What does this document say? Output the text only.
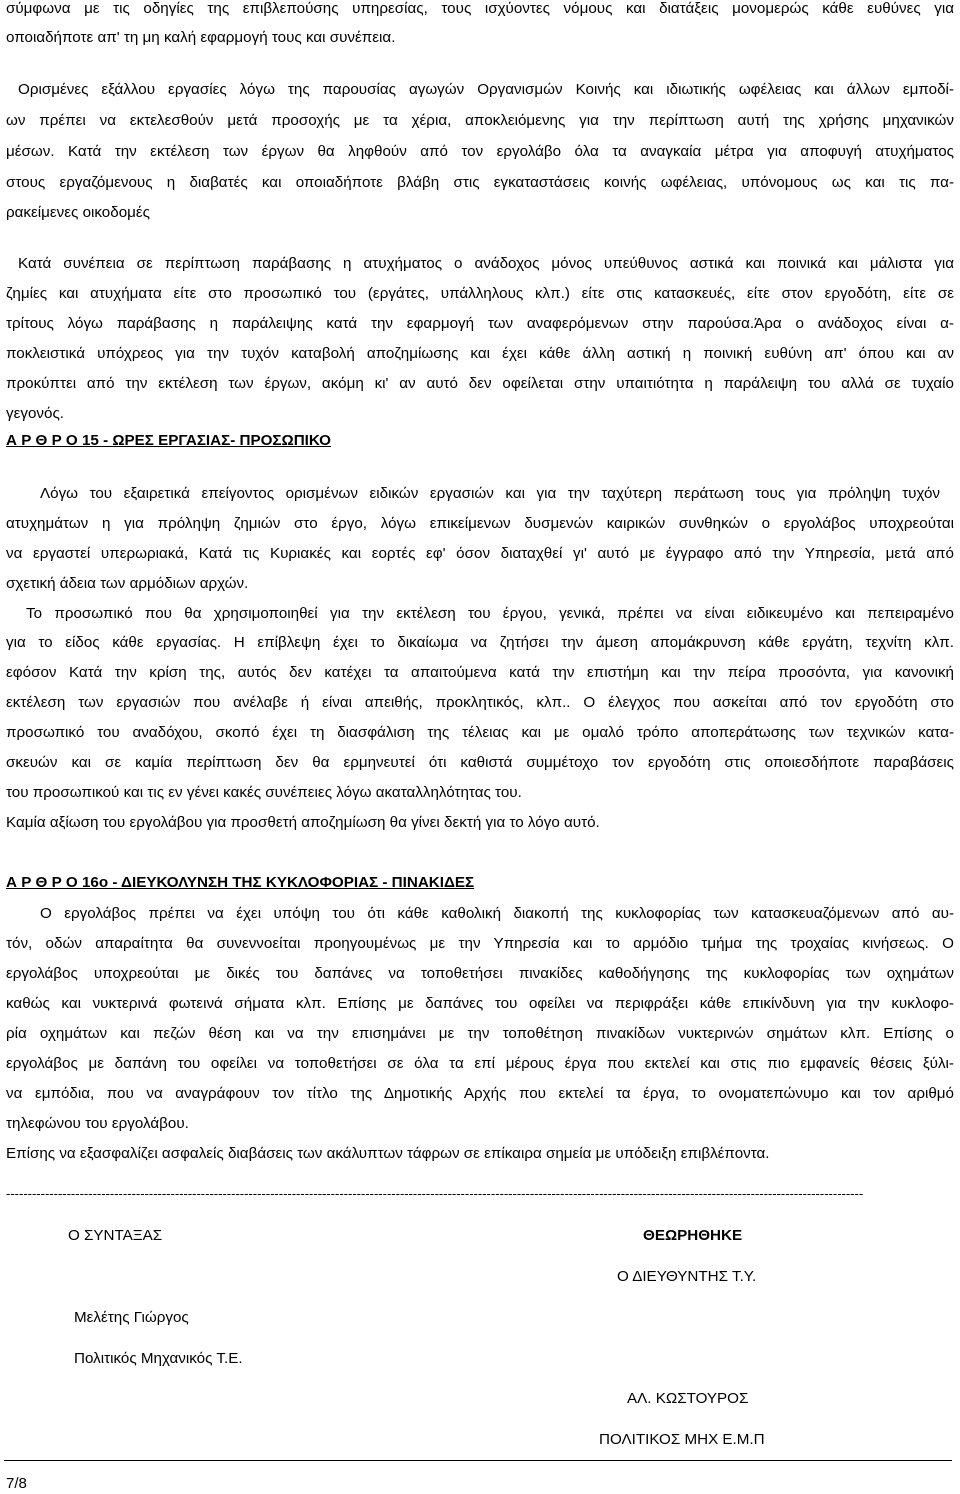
σύμφωνα με τις οδηγίες της επιβλεπούσης υπηρεσίας, τους ισχύοντες νόμους και διατάξεις μονομερώς κάθε ευθύνες για
οποιαδήποτε απ' τη μη καλή εφαρμογή τους και συνέπεια.
Ορισμένες εξάλλου εργασίες λόγω της παρουσίας αγωγών Οργανισμών Κοινής και ιδιωτικής ωφέλειας και άλλων εμποδί-
ων πρέπει να εκτελεσθούν μετά προσοχής με τα χέρια, αποκλειόμενης για την περίπτωση αυτή της χρήσης μηχανικών
μέσων. Κατά την εκτέλεση των έργων θα ληφθούν από τον εργολάβο όλα τα αναγκαία μέτρα για αποφυγή ατυχήματος
στους εργαζόμενους η διαβατές και οποιαδήποτε βλάβη στις εγκαταστάσεις κοινής ωφέλειας, υπόνομους ως και τις πα-
ρακείμενες οικοδομές
Κατά συνέπεια σε περίπτωση παράβασης η ατυχήματος ο ανάδοχος μόνος υπεύθυνος αστικά και ποινικά και μάλιστα για
ζημίες και ατυχήματα είτε στο προσωπικό του (εργάτες, υπάλληλους κλπ.) είτε στις κατασκευές, είτε στον εργοδότη, είτε σε
τρίτους λόγω παράβασης η παράλειψης κατά την εφαρμογή των αναφερόμενων στην παρούσα.Άρα ο ανάδοχος είναι α-
ποκλειστικά υπόχρεος για την τυχόν καταβολή αποζημίωσης και έχει κάθε άλλη αστική η ποινική ευθύνη απ' όπου και αν
προκύπτει από την εκτέλεση των έργων, ακόμη κι' αν αυτό δεν οφείλεται στην υπαιτιότητα η παράλειψη του αλλά σε τυχαίο
γεγονός.
Α Ρ Θ Ρ Ο 15 - ΩΡΕΣ ΕΡΓΑΣΙΑΣ- ΠΡΟΣΩΠΙΚΟ
Λόγω του εξαιρετικά επείγοντος ορισμένων ειδικών εργασιών και για την ταχύτερη περάτωση τους για πρόληψη τυχόν
ατυχημάτων η για πρόληψη ζημιών στο έργο, λόγω επικείμενων δυσμενών καιρικών συνθηκών ο εργολάβος υποχρεούται
να εργαστεί υπερωριακά, Κατά τις Κυριακές και εορτές εφ' όσον διαταχθεί γι' αυτό με έγγραφο από την Υπηρεσία, μετά από
σχετική άδεια των αρμόδιων αρχών.
Το προσωπικό που θα χρησιμοποιηθεί για την εκτέλεση του έργου, γενικά, πρέπει να είναι ειδικευμένο και πεπειραμένο
για το είδος κάθε εργασίας. Η επίβλεψη έχει το δικαίωμα να ζητήσει την άμεση απομάκρυνση κάθε εργάτη, τεχνίτη κλπ.
εφόσον Κατά την κρίση της, αυτός δεν κατέχει τα απαιτούμενα κατά την επιστήμη και την πείρα προσόντα, για κανονική
εκτέλεση των εργασιών που ανέλαβε ή είναι απειθής, προκλητικός, κλπ.. Ο έλεγχος που ασκείται από τον εργοδότη στο
προσωπικό του αναδόχου, σκοπό έχει τη διασφάλιση της τέλειας και με ομαλό τρόπο αποπεράτωσης των τεχνικών κατα-
σκευών και σε καμία περίπτωση δεν θα ερμηνευτεί ότι καθιστά συμμέτοχο τον εργοδότη στις οποιεσδήποτε παραβάσεις
του προσωπικού και τις εν γένει κακές συνέπειες λόγω ακαταλληλότητας του.
Καμία αξίωση του εργολάβου για προσθετή αποζημίωση θα γίνει δεκτή για το λόγο αυτό.
Α Ρ Θ Ρ Ο 16ο - ΔΙΕΥΚΟΛΥΝΣΗ ΤΗΣ ΚΥΚΛΟΦΟΡΙΑΣ - ΠΙΝΑΚΙΔΕΣ
Ο εργολάβος πρέπει να έχει υπόψη του ότι κάθε καθολική διακοπή της κυκλοφορίας των κατασκευαζόμενων από αυ-
τόν, οδών απαραίτητα θα συνεννοείται προηγουμένως με την Υπηρεσία και το αρμόδιο τμήμα της τροχαίας κινήσεως. Ο
εργολάβος υποχρεούται με δικές του δαπάνες να τοποθετήσει πινακίδες καθοδήγησης της κυκλοφορίας των οχημάτων
καθώς και νυκτερινά φωτεινά σήματα κλπ. Επίσης με δαπάνες του οφείλει να περιφράξει κάθε επικίνδυνη για την κυκλοφο-
ρία οχημάτων και πεζών θέση και να την επισημάνει με την τοποθέτηση πινακίδων νυκτερινών σημάτων κλπ. Επίσης ο
εργολάβος με δαπάνη του οφείλει να τοποθετήσει σε όλα τα επί μέρους έργα που εκτελεί και στις πιο εμφανείς θέσεις ξύλι-
να εμπόδια, που να αναγράφουν τον τίτλο της Δημοτικής Αρχής που εκτελεί τα έργα, το ονοματεπώνυμο και τον αριθμό
τηλεφώνου του εργολάβου.
Επίσης να εξασφαλίζει ασφαλείς διαβάσεις των ακάλυπτων τάφρων σε επίκαιρα σημεία με υπόδειξη επιβλέποντα.
------------------------------------------------------------------------------------------------------------------------------------------------------------------------------------------------------
Ο ΣΥΝΤΑΞΑΣ	ΘΕΩΡΗΘΗΚΕ
Ο ΔΙΕΥΘΥΝΤΗΣ Τ.Υ.
Μελέτης Γιώργος
Πολιτικός Μηχανικός Τ.Ε.
ΑΛ. ΚΩΣΤΟΥΡΟΣ
ΠΟΛΙΤΙΚΟΣ ΜΗΧ Ε.Μ.Π
7/8
